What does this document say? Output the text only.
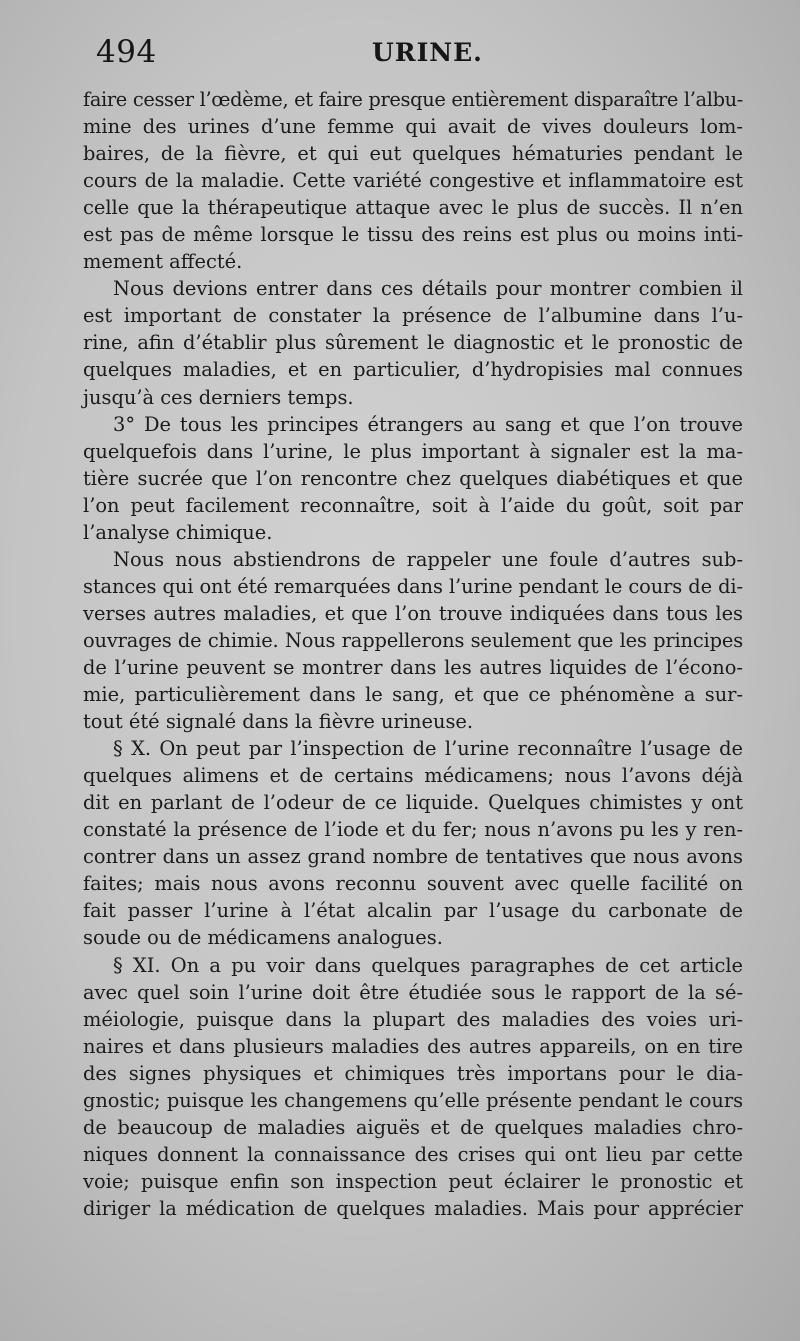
494	URINE.
faire cesser l’œdème, et faire presque entièrement disparaître l’albu-
mine des urines d’une femme qui avait de vives douleurs lom-
baires, de la fièvre, et qui eut quelques hématuries pendant le
cours de la maladie. Cette variété congestive et inflammatoire est
celle que la thérapeutique attaque avec le plus de succès. Il n’en
est pas de même lorsque le tissu des reins est plus ou moins inti-
mement affecté.
Nous devions entrer dans ces détails pour montrer combien il
est important de constater la présence de l’albumine dans l’u-
rine, afin d’établir plus sûrement le diagnostic et le pronostic de
quelques maladies, et en particulier, d’hydropisies mal connues
jusqu’à ces derniers temps.
3° De tous les principes étrangers au sang et que l’on trouve
quelquefois dans l’urine, le plus important à signaler est la ma-
tière sucrée que l’on rencontre chez quelques diabétiques et que
l’on peut facilement reconnaître, soit à l’aide du goût, soit par
l’analyse chimique.
Nous nous abstiendrons de rappeler une foule d’autres sub-
stances qui ont été remarquées dans l’urine pendant le cours de di-
verses autres maladies, et que l’on trouve indiquées dans tous les
ouvrages de chimie. Nous rappellerons seulement que les principes
de l’urine peuvent se montrer dans les autres liquides de l’écono-
mie, particulièrement dans le sang, et que ce phénomène a sur-
tout été signalé dans la fièvre urineuse.
§ X. On peut par l’inspection de l’urine reconnaître l’usage de
quelques alimens et de certains médicamens; nous l’avons déjà
dit en parlant de l’odeur de ce liquide. Quelques chimistes y ont
constaté la présence de l’iode et du fer; nous n’avons pu les y ren-
contrer dans un assez grand nombre de tentatives que nous avons
faites; mais nous avons reconnu souvent avec quelle facilité on
fait passer l’urine à l’état alcalin par l’usage du carbonate de
soude ou de médicamens analogues.
§ XI. On a pu voir dans quelques paragraphes de cet article
avec quel soin l’urine doit être étudiée sous le rapport de la sé-
méiologie, puisque dans la plupart des maladies des voies uri-
naires et dans plusieurs maladies des autres appareils, on en tire
des signes physiques et chimiques très importans pour le dia-
gnostic; puisque les changemens qu’elle présente pendant le cours
de beaucoup de maladies aiguës et de quelques maladies chro-
niques donnent la connaissance des crises qui ont lieu par cette
voie; puisque enfin son inspection peut éclairer le pronostic et
diriger la médication de quelques maladies. Mais pour apprécier
